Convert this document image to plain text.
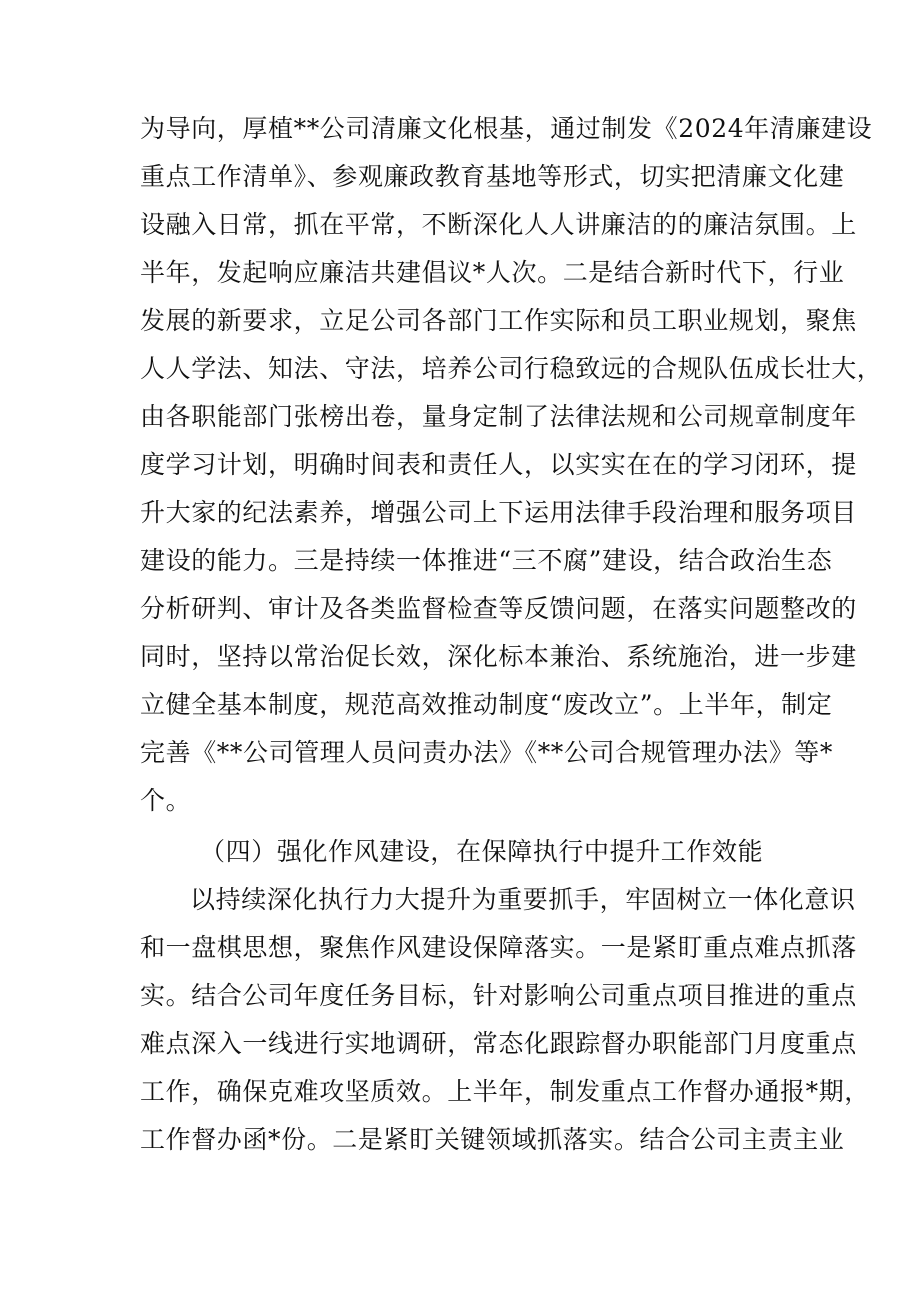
为导向，厚植**公司清廉文化根基，通过制发《2024年清廉建设
重点工作清单》、参观廉政教育基地等形式，切实把清廉文化建
设融入日常，抓在平常，不断深化人人讲廉洁的的廉洁氛围。上
半年，发起响应廉洁共建倡议*人次。二是结合新时代下，行业
发展的新要求，立足公司各部门工作实际和员工职业规划，聚焦
人人学法、知法、守法，培养公司行稳致远的合规队伍成长壮大，
由各职能部门张榜出卷，量身定制了法律法规和公司规章制度年
度学习计划，明确时间表和责任人，以实实在在的学习闭环，提
升大家的纪法素养，增强公司上下运用法律手段治理和服务项目
建设的能力。三是持续一体推进“三不腐”建设，结合政治生态
分析研判、审计及各类监督检查等反馈问题，在落实问题整改的
同时，坚持以常治促长效，深化标本兼治、系统施治，进一步建
立健全基本制度，规范高效推动制度“废改立”。上半年，制定
完善《**公司管理人员问责办法》《**公司合规管理办法》等*
个。
（四）强化作风建设，在保障执行中提升工作效能
以持续深化执行力大提升为重要抓手，牢固树立一体化意识
和一盘棋思想，聚焦作风建设保障落实。一是紧盯重点难点抓落
实。结合公司年度任务目标，针对影响公司重点项目推进的重点
难点深入一线进行实地调研，常态化跟踪督办职能部门月度重点
工作，确保克难攻坚质效。上半年，制发重点工作督办通报*期，
工作督办函*份。二是紧盯关键领域抓落实。结合公司主责主业
